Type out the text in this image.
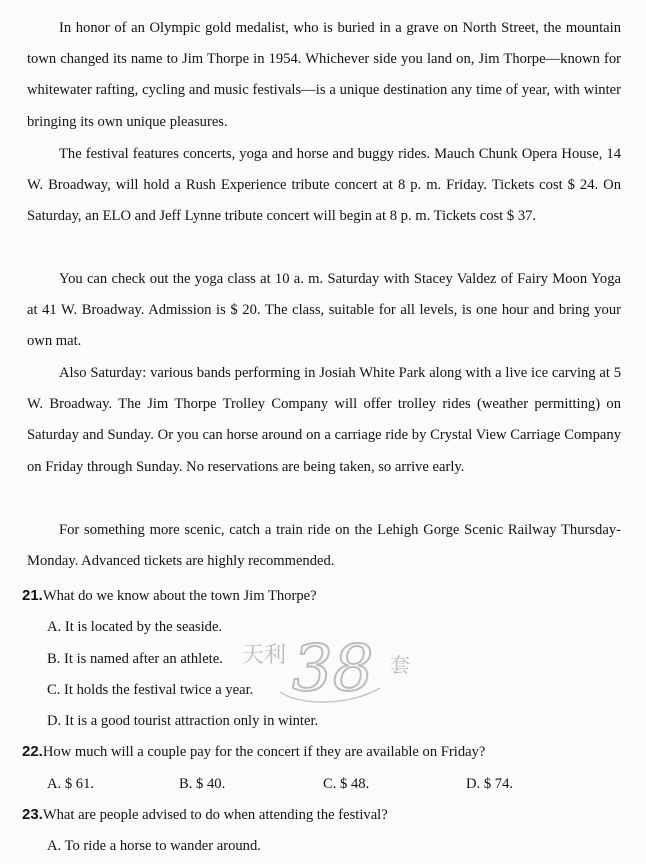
In honor of an Olympic gold medalist, who is buried in a grave on North Street, the mountain town changed its name to Jim Thorpe in 1954. Whichever side you land on, Jim Thorpe—known for whitewater rafting, cycling and music festivals—is a unique destination any time of year, with winter bringing its own unique pleasures.

The festival features concerts, yoga and horse and buggy rides. Mauch Chunk Opera House, 14 W. Broadway, will hold a Rush Experience tribute concert at 8 p. m. Friday. Tickets cost $ 24. On Saturday, an ELO and Jeff Lynne tribute concert will begin at 8 p. m. Tickets cost $ 37.

You can check out the yoga class at 10 a. m. Saturday with Stacey Valdez of Fairy Moon Yoga at 41 W. Broadway. Admission is $ 20. The class, suitable for all levels, is one hour and bring your own mat.

Also Saturday: various bands performing in Josiah White Park along with a live ice carving at 5 W. Broadway. The Jim Thorpe Trolley Company will offer trolley rides (weather permitting) on Saturday and Sunday. Or you can horse around on a carriage ride by Crystal View Carriage Company on Friday through Sunday. No reservations are being taken, so arrive early.

For something more scenic, catch a train ride on the Lehigh Gorge Scenic Railway Thursday-Monday. Advanced tickets are highly recommended.

21.What do we know about the town Jim Thorpe?

A. It is located by the seaside.

B. It is named after an athlete.

C. It holds the festival twice a year.

D. It is a good tourist attraction only in winter.

22.How much will a couple pay for the concert if they are available on Friday?

A. $ 61.	B. $ 40.	C. $ 48.	D. $ 74.

23.What are people advised to do when attending the festival?

A. To ride a horse to wander around.

天利 38 套
